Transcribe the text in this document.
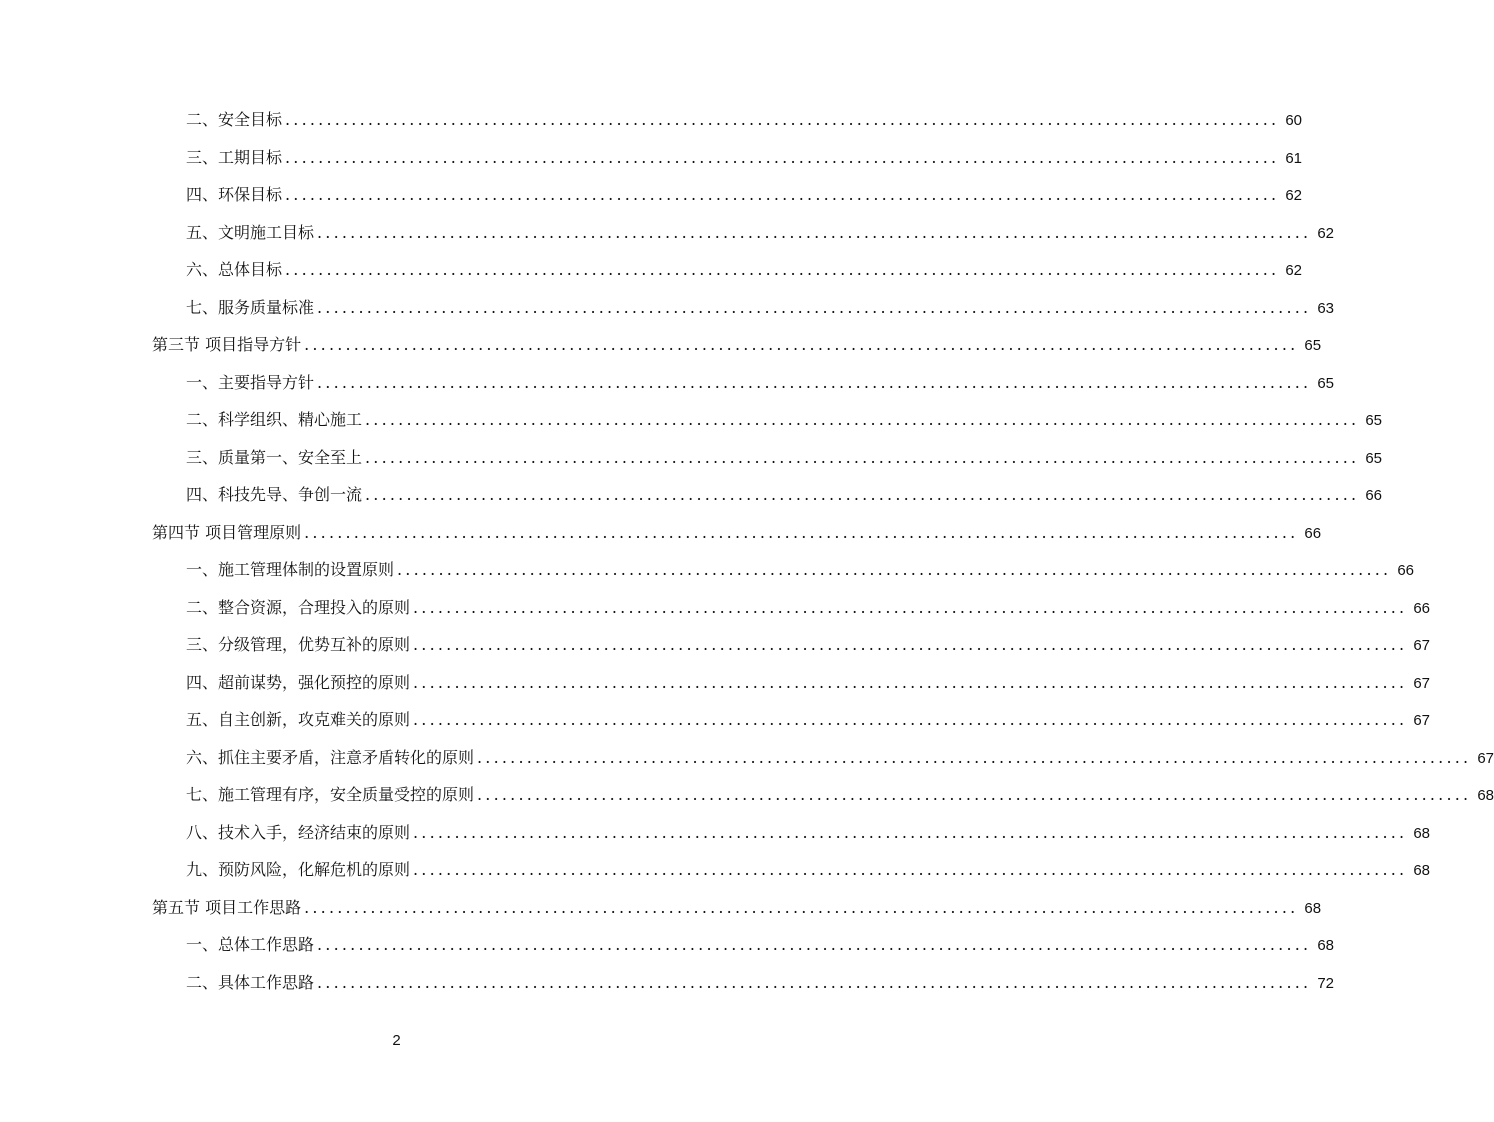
二、安全目标 ........................................................................................................................ 60
三、工期目标 ........................................................................................................................ 61
四、环保目标 ........................................................................................................................ 62
五、文明施工目标 ........................................................................................................................ 62
六、总体目标 ........................................................................................................................ 62
七、服务质量标准 ........................................................................................................................ 63
第三节 项目指导方针 ........................................................................................................................ 65
一、主要指导方针 ........................................................................................................................ 65
二、科学组织、精心施工 ........................................................................................................................ 65
三、质量第一、安全至上 ........................................................................................................................ 65
四、科技先导、争创一流 ........................................................................................................................ 66
第四节 项目管理原则 ........................................................................................................................ 66
一、施工管理体制的设置原则 ........................................................................................................................ 66
二、整合资源，合理投入的原则 ........................................................................................................................ 66
三、分级管理，优势互补的原则 ........................................................................................................................ 67
四、超前谋势，强化预控的原则 ........................................................................................................................ 67
五、自主创新，攻克难关的原则 ........................................................................................................................ 67
六、抓住主要矛盾，注意矛盾转化的原则 ........................................................................................................................ 67
七、施工管理有序，安全质量受控的原则 ........................................................................................................................ 68
八、技术入手，经济结束的原则 ........................................................................................................................ 68
九、预防风险，化解危机的原则 ........................................................................................................................ 68
第五节 项目工作思路 ........................................................................................................................ 68
一、总体工作思路 ........................................................................................................................ 68
二、具体工作思路 ........................................................................................................................ 72
2
